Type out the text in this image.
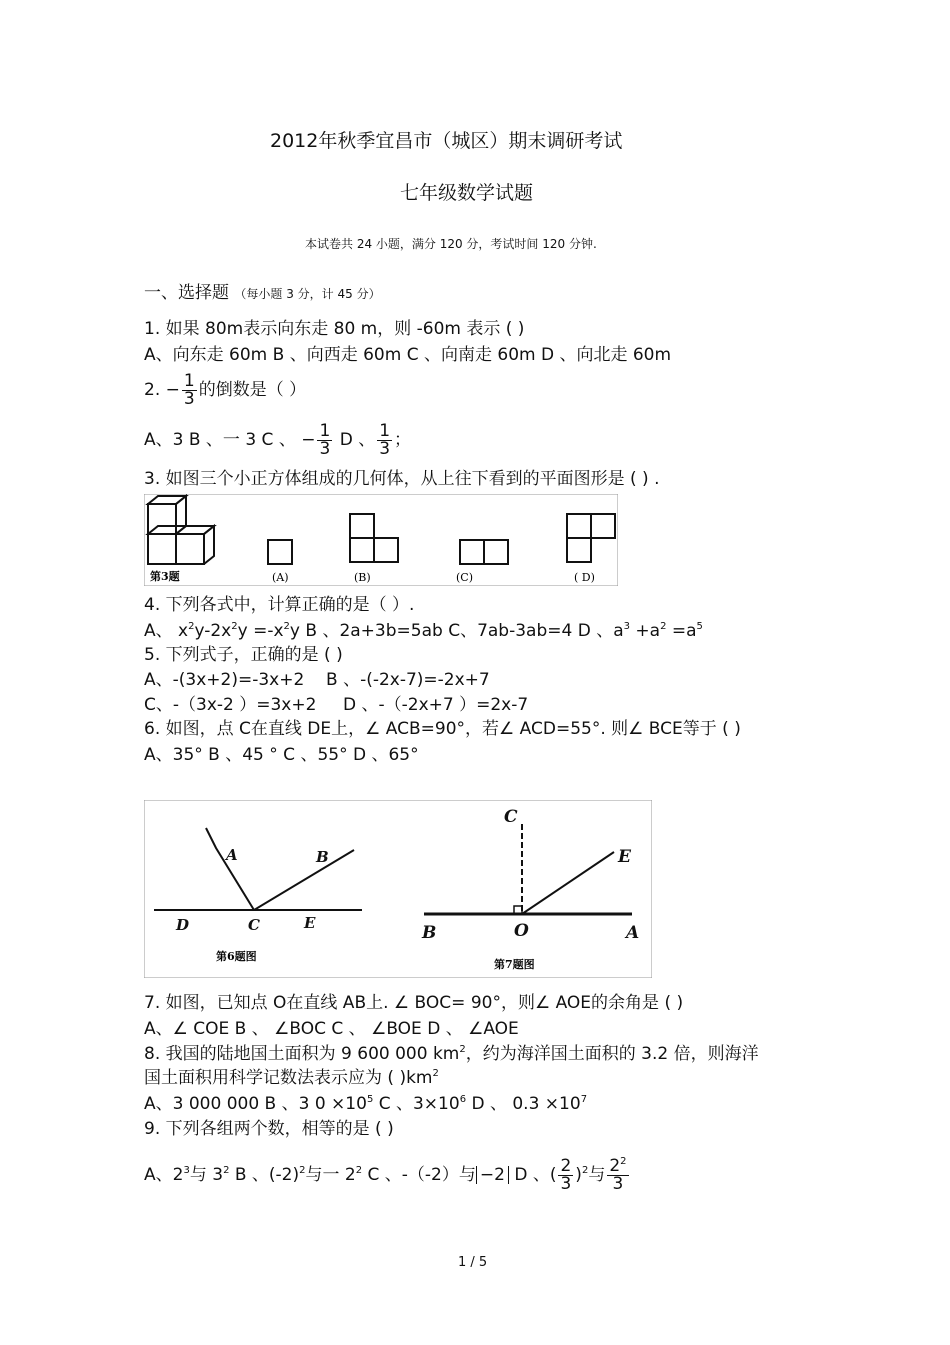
2012年秋季宜昌市（城区）期末调研考试
七年级数学试题
本试卷共 24 小题，满分 120 分，考试时间 120 分钟.
一、选择题 （每小题 3 分，计 45 分）
1. 如果 80m表示向东走 80 m，则 -60m 表示 ( )
A、向东走 60m B 、向西走 60m C 、向南走 60m D 、向北走 60m
2. − $\frac{1}{3}$ 的倒数是（ ）
A、3 B 、一 3 C 、 − $\frac{1}{3}$ D 、 $\frac{1}{3}$ ；
3. 如图三个小正方体组成的几何体，从上往下看到的平面图形是 ( ) .
第3题	(A)	(B)	(C)	( D)
4. 下列各式中，计算正确的是（ ）.
A、 $x^2y-2x^2y =-x^2y$ B 、2a+3b=5ab C、7ab-3ab=4 D 、$a^3 +a^2 =a^5$
5. 下列式子，正确的是 ( )
A、-(3x+2)=-3x+2 B 、-(-2x-7)=-2x+7
C、-（3x-2 ）=3x+2 D 、-（-2x+7 ）=2x-7
6. 如图，点 C在直线 DE上，∠ ACB=90°，若∠ ACD=55°. 则∠ BCE等于 ( )
A、35° B 、45 ° C 、55° D 、65°
A	B
C
D	E
第6题图
C
E
B	O	A
第7题图
7. 如图，已知点 O在直线 AB上. ∠ BOC= 90°，则∠ AOE的余角是 ( )
A、∠ COE B 、 ∠BOC C 、 ∠BOE D 、 ∠AOE
8. 我国的陆地国土面积为 9 600 000 $km^2$，约为海洋国土面积的 3.2 倍，则海洋
国土面积用科学记数法表示应为 ( )$km^2$
A、3 000 000 B 、3 $0 \times 10^5$ C 、$3\times 10^6$ D 、 $0.3 \times 10^7$
9. 下列各组两个数，相等的是 ( )
A、$2^3$与 $3^2$ B 、$(-2)^2$与一 $2^2$ C 、-（-2）与 −2 D 、( $\frac{2}{3} )^2$与 $\frac{2^2}{3}$
1 / 5
